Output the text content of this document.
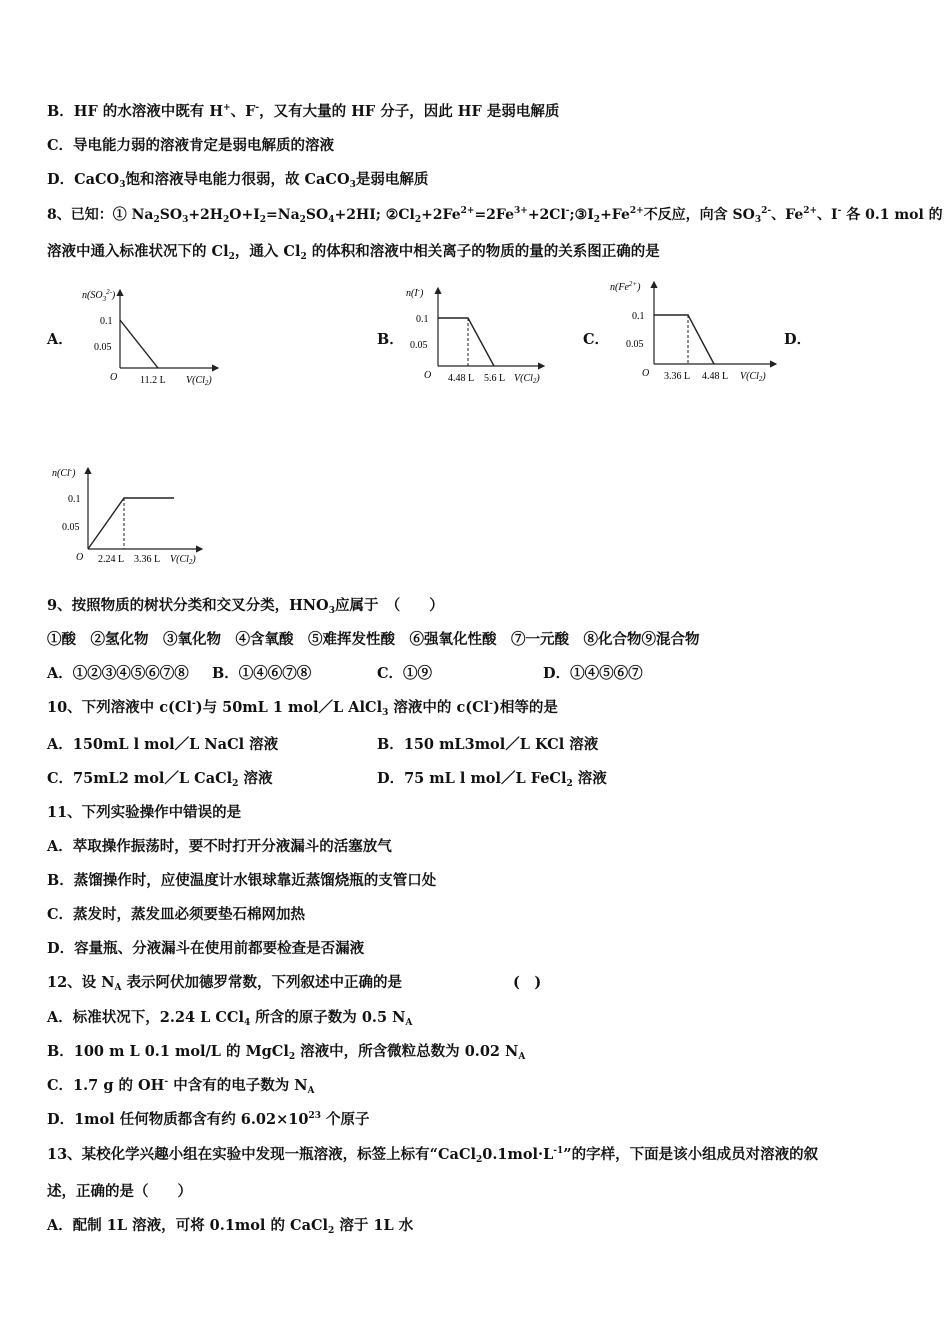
B．HF 的水溶液中既有 H+、F-，又有大量的 HF 分子，因此 HF 是弱电解质
C．导电能力弱的溶液肯定是弱电解质的溶液
D．CaCO$_3$饱和溶液导电能力很弱，故 CaCO$_3$是弱电解质
8、已知：① $Na_2SO_3+2H_2O+I_2=Na_2SO_4+2HI$; $②Cl_2+2Fe^{2+}=2Fe^{3+}+2Cl^-;③I_2+Fe^{2+}$不反应，向含 $SO_3^{2-}$、$Fe^{2+}$、I- 各 0.1 mol 的
溶液中通入标准状况下的 $Cl_2$，通入 $Cl_2$ 的体积和溶液中相关离子的物质的量的关系图正确的是
A．	B．	C．	D．
$n(SO_3^{2-})$
0.1
0.05
O 11.2 L $V(Cl_2)$
n(I-)
0.1
0.05
O 4.48 L 5.6 L $V(Cl_2)$
$n(Fe^{2+})$
0.1
0.05
O 3.36 L 4.48 L $V(Cl_2)$
n(Cl-)
0.1
0.05
O 2.24 L 3.36 L $V(Cl_2)$
9、按照物质的树状分类和交叉分类，$HNO_3$应属于　（　　）
①酸　②氢化物　③氧化物　④含氧酸　⑤难挥发性酸　⑥强氧化性酸　⑦一元酸　⑧化合物⑨混合物
A．①②③④⑤⑥⑦⑧ B．①④⑥⑦⑧	C．①⑨	D．①④⑤⑥⑦
10、下列溶液中 c(Cl-)与 50mL 1 mol／L AlCl$_3$ 溶液中的 c(Cl-)相等的是
A．150mL l mol／L NaCl 溶液	B．150 mL3mol／L KCl 溶液
C．75mL2 mol／L CaCl$_2$ 溶液	D．75 mL l mol／L FeCl$_2$ 溶液
11、下列实验操作中错误的是
A．萃取操作振荡时，要不时打开分液漏斗的活塞放气
B．蒸馏操作时，应使温度计水银球靠近蒸馏烧瓶的支管口处
C．蒸发时，蒸发皿必须要垫石棉网加热
D．容量瓶、分液漏斗在使用前都要检查是否漏液
12、设 $N_A$ 表示阿伏加德罗常数，下列叙述中正确的是	(　)
A．标准状况下，2.24 L CCl$_4$ 所含的原子数为 0.5 $N_A$
B．100 m L 0.1 mol/L 的 MgCl$_2$ 溶液中，所含微粒总数为 0.02 $N_A$
C．1.7 g 的 OH- 中含有的电子数为 $N_A$
D．1mol 任何物质都含有约 $6.02\times 10^{23}$ 个原子
13、某校化学兴趣小组在实验中发现一瓶溶液，标签上标有“$CaCl_20.1mol\cdot L^{-1}$”的字样，下面是该小组成员对溶液的叙
述，正确的是（　　）
A．配制 1L 溶液，可将 0.1mol 的 CaCl$_2$ 溶于 1L 水
